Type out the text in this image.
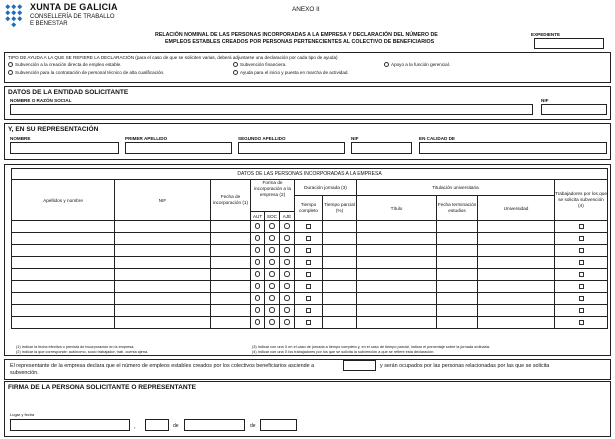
XUNTA DE GALICIA
CONSELLERÍA DE TRABALLO
E BENESTAR
ANEXO II
RELACIÓN NOMINAL DE LAS PERSONAS INCORPORADAS A LA EMPRESA Y DECLARACIÓN DEL NÚMERO DE
EMPLEOS ESTABLES CREADOS POR PERSONAS PERTENECIENTES AL COLECTIVO DE BENEFICIARIOS
EXPEDIENTE
TIPO DE AYUDA A LA QUE SE REFIERE LA DECLARACIÓN (para el caso de que se soliciten varias, deberá adjuntarse una declaración por cada tipo de ayuda)
Subvención a la creación directa de empleo estable.	Subvención financiera.	Apoyo a la función gerencial.
Subvención para la contratación de personal técnico de alta cualificación.	Ayuda para el inicio y puesta en marcha de actividad.
DATOS DE LA ENTIDAD SOLICITANTE
NOMBRE O RAZÓN SOCIAL	NIF
Y, EN SU REPRESENTACIÓN
NOMBRE	PRIMER APELLIDO	SEGUNDO APELLIDO	NIF	EN CALIDAD DE
DATOS DE LAS PERSONAS INCORPORADAS A LA EMPRESA											
Apellidos y nombre	NIF	Fecha de incorporación (1)	Forma de incorporación a la empresa (2)			Duración jornada (3)		Titulación universitaria			Trabajadores por los que se solicita subvención (4)
						Tiempo completo	Tiempo parcial (%)	Título	Fecha terminación estudios	Universidad	
			AUT	SOC	AJE						

(1) Indicar la fecha efectiva o prevista de incorporación en la empresa.
(2) Indicar la que corresponde: autónomo, socio trabajador, trab. cuenta ajena.
(3) Indicar con una X en el caso de jornada a tiempo completo y, en el caso de tiempo parcial, indicar el porcentaje sobre la jornada ordinaria.
(4) Indicar con una X los trabajadores por los que se solicita la subvención a que se refiere esta declaración.
El representante de la empresa declara que el número de empleos estables creados por los colectivos beneficiarios asciende a	y serán ocupados por las personas relacionadas por las que se solicita
subvención.
FIRMA DE LA PERSONA SOLICITANTE O REPRESENTANTE
Lugar y fecha
,	de	de
